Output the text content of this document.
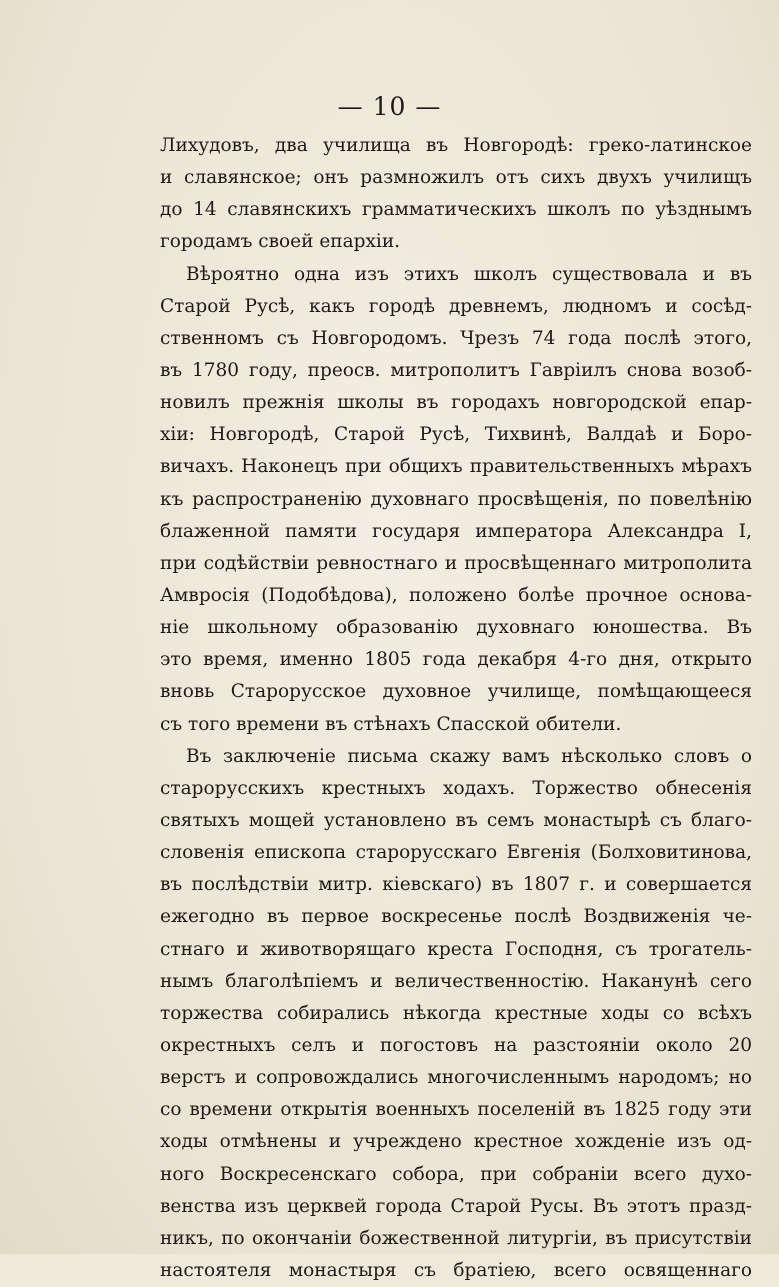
— 10 —
Лихудовъ, два училища въ Новгородѣ: греко-латинское
и славянское; онъ размножилъ отъ сихъ двухъ училищъ
до 14 славянскихъ грамматическихъ школъ по уѣзднымъ
городамъ своей епархіи.
Вѣроятно одна изъ этихъ школъ существовала и въ
Старой Русѣ, какъ городѣ древнемъ, людномъ и сосѣд-
ственномъ съ Новгородомъ. Чрезъ 74 года послѣ этого,
въ 1780 году, преосв. митрополитъ Гавріилъ снова возоб-
новилъ прежнія школы въ городахъ новгородской епар-
хіи: Новгородѣ, Старой Русѣ, Тихвинѣ, Валдаѣ и Боро-
вичахъ. Наконецъ при общихъ правительственныхъ мѣрахъ
къ распространенію духовнаго просвѣщенія, по повелѣнію
блаженной памяти государя императора Александра I,
при содѣйствіи ревностнаго и просвѣщеннаго митрополита
Амвросія (Подобѣдова), положено болѣе прочное основа-
ніе школьному образованію духовнаго юношества. Въ
это время, именно 1805 года декабря 4-го дня, открыто
вновь Старорусское духовное училище, помѣщающееся
съ того времени въ стѣнахъ Спасской обители.
Въ заключеніе письма скажу вамъ нѣсколько словъ о
старорусскихъ крестныхъ ходахъ. Торжество обнесенія
святыхъ мощей установлено въ семъ монастырѣ съ благо-
словенія епископа старорусскаго Евгенія (Болховитинова,
въ послѣдствіи митр. кіевскаго) въ 1807 г. и совершается
ежегодно въ первое воскресенье послѣ Воздвиженія че-
стнаго и животворящаго креста Господня, съ трогатель-
нымъ благолѣпіемъ и величественностію. Наканунѣ сего
торжества собирались нѣкогда крестные ходы со всѣхъ
окрестныхъ селъ и погостовъ на разстояніи около 20
верстъ и сопровождались многочисленнымъ народомъ; но
со времени открытія военныхъ поселеній въ 1825 году эти
ходы отмѣнены и учреждено крестное хожденіе изъ од-
ного Воскресенскаго собора, при собраніи всего духо-
венства изъ церквей города Старой Русы. Въ этотъ празд-
никъ, по окончаніи божественной литургіи, въ присутствіи
настоятеля монастыря съ братіею, всего освященнаго
